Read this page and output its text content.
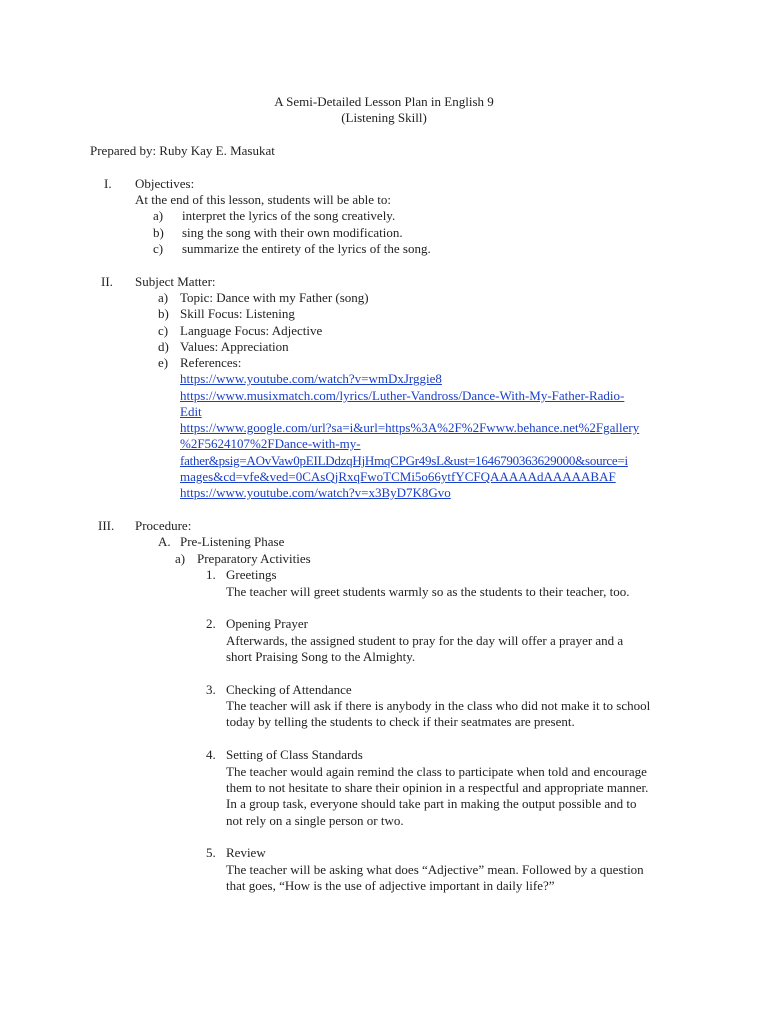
A Semi-Detailed Lesson Plan in English 9
(Listening Skill)
Prepared by: Ruby Kay E. Masukat
I. Objectives:
At the end of this lesson, students will be able to:
a) interpret the lyrics of the song creatively.
b) sing the song with their own modification.
c) summarize the entirety of the lyrics of the song.
II. Subject Matter:
a) Topic: Dance with my Father (song)
b) Skill Focus: Listening
c) Language Focus: Adjective
d) Values: Appreciation
e) References:
https://www.youtube.com/watch?v=wmDxJrggie8
https://www.musixmatch.com/lyrics/Luther-Vandross/Dance-With-My-Father-Radio-
Edit
https://www.google.com/url?sa=i&url=https%3A%2F%2Fwww.behance.net%2Fgallery
%2F5624107%2FDance-with-my-
father&psig=AOvVaw0pEILDdzqHjHmqCPGr49sL&ust=1646790363629000&source=i
mages&cd=vfe&ved=0CAsQjRxqFwoTCMi5o66ytfYCFQAAAAAdAAAAABAF
https://www.youtube.com/watch?v=x3ByD7K8Gvo
III. Procedure:
A. Pre-Listening Phase
a) Preparatory Activities
1. Greetings
The teacher will greet students warmly so as the students to their teacher, too.
2. Opening Prayer
Afterwards, the assigned student to pray for the day will offer a prayer and a
short Praising Song to the Almighty.
3. Checking of Attendance
The teacher will ask if there is anybody in the class who did not make it to school
today by telling the students to check if their seatmates are present.
4. Setting of Class Standards
The teacher would again remind the class to participate when told and encourage
them to not hesitate to share their opinion in a respectful and appropriate manner.
In a group task, everyone should take part in making the output possible and to
not rely on a single person or two.
5. Review
The teacher will be asking what does “Adjective” mean. Followed by a question
that goes, “How is the use of adjective important in daily life?”
